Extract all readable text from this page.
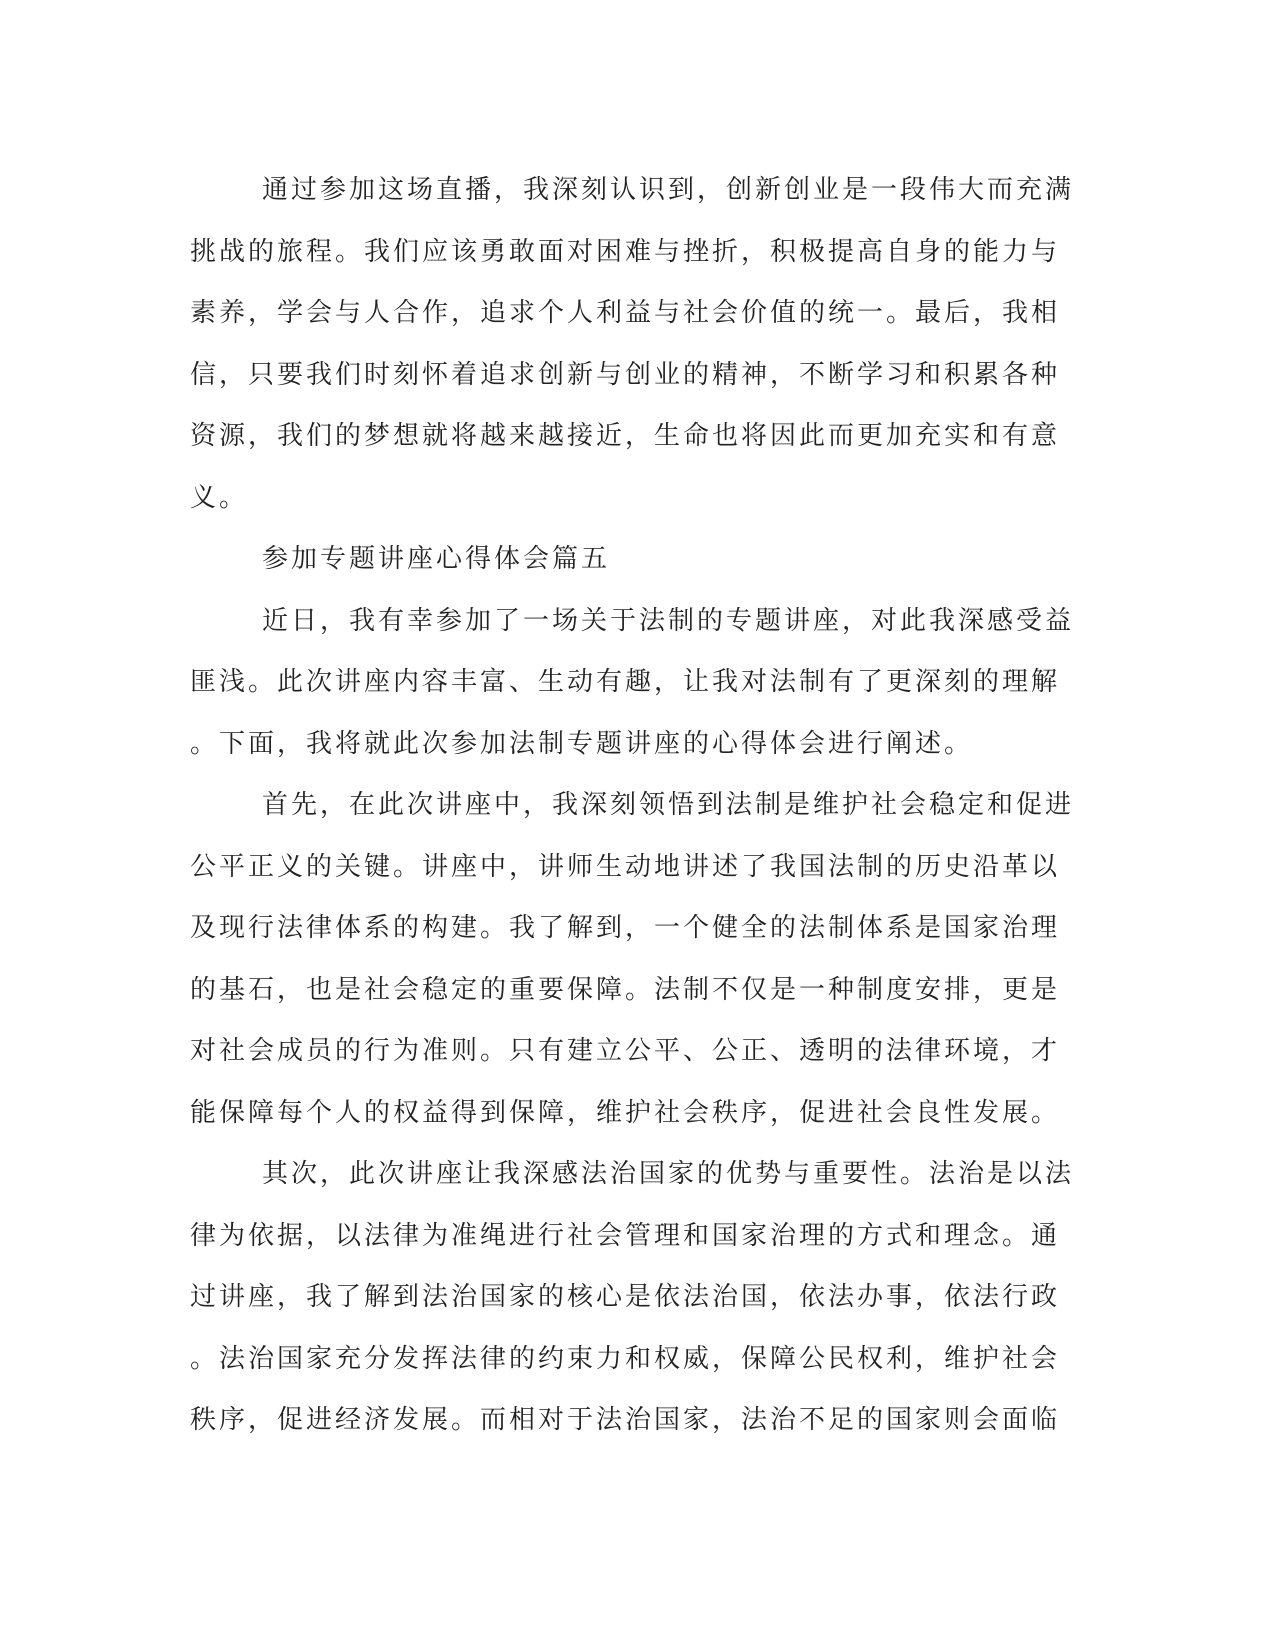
通过参加这场直播，我深刻认识到，创新创业是一段伟大而充满
挑战的旅程。我们应该勇敢面对困难与挫折，积极提高自身的能力与
素养，学会与人合作，追求个人利益与社会价值的统一。最后，我相
信，只要我们时刻怀着追求创新与创业的精神，不断学习和积累各种
资源，我们的梦想就将越来越接近，生命也将因此而更加充实和有意
义。
参加专题讲座心得体会篇五
近日，我有幸参加了一场关于法制的专题讲座，对此我深感受益
匪浅。此次讲座内容丰富、生动有趣，让我对法制有了更深刻的理解
。下面，我将就此次参加法制专题讲座的心得体会进行阐述。
首先，在此次讲座中，我深刻领悟到法制是维护社会稳定和促进
公平正义的关键。讲座中，讲师生动地讲述了我国法制的历史沿革以
及现行法律体系的构建。我了解到，一个健全的法制体系是国家治理
的基石，也是社会稳定的重要保障。法制不仅是一种制度安排，更是
对社会成员的行为准则。只有建立公平、公正、透明的法律环境，才
能保障每个人的权益得到保障，维护社会秩序，促进社会良性发展。
其次，此次讲座让我深感法治国家的优势与重要性。法治是以法
律为依据，以法律为准绳进行社会管理和国家治理的方式和理念。通
过讲座，我了解到法治国家的核心是依法治国，依法办事，依法行政
。法治国家充分发挥法律的约束力和权威，保障公民权利，维护社会
秩序，促进经济发展。而相对于法治国家，法治不足的国家则会面临
